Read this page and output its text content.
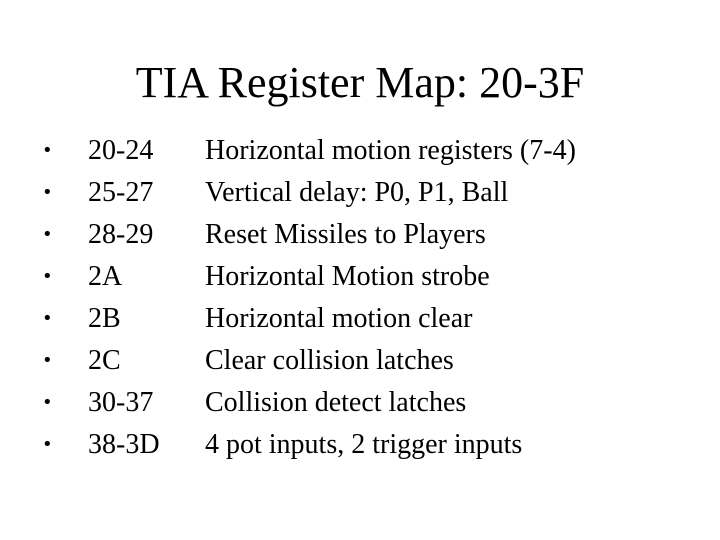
TIA Register Map: 20-3F
•	20-24 Horizontal motion registers (7-4)
•	25-27 Vertical delay: P0, P1, Ball
•	28-29 Reset Missiles to Players
•	2A	Horizontal Motion strobe
•	2B	Horizontal motion clear
•	2C	Clear collision latches
•	30-37 Collision detect latches
•	38-3D 4 pot inputs, 2 trigger inputs
